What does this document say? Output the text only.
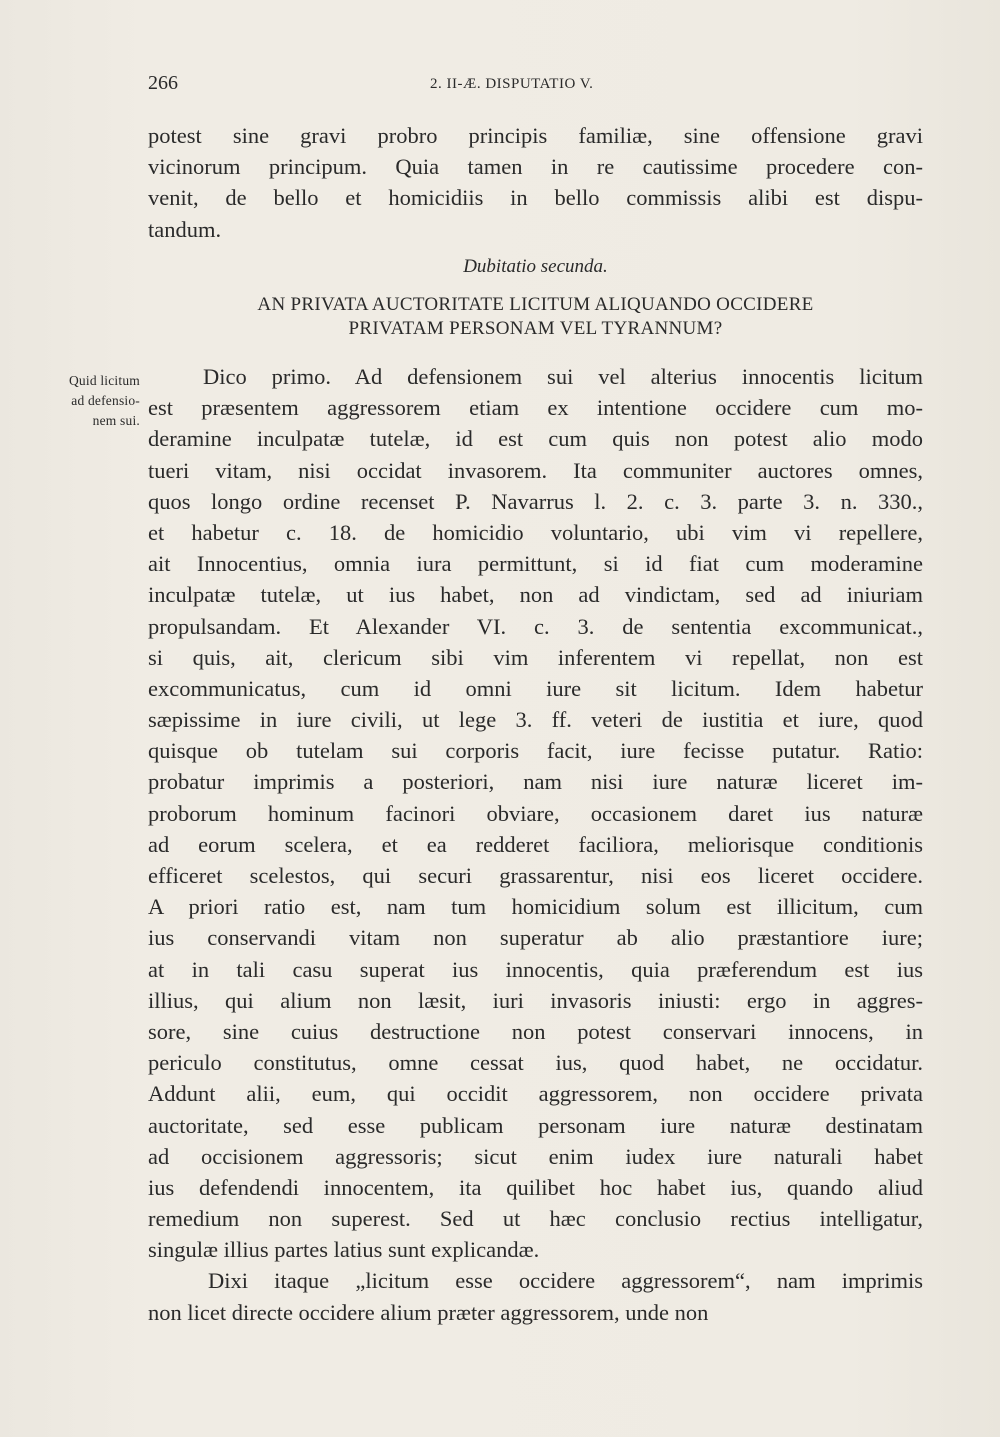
266	2. II-Æ. DISPUTATIO V.
potest sine gravi probro principis familiæ, sine offensione gravi
vicinorum principum. Quia tamen in re cautissime procedere con-
venit, de bello et homicidiis in bello commissis alibi est dispu-
tandum.
Dubitatio secunda.
AN PRIVATA AUCTORITATE LICITUM ALIQUANDO OCCIDERE
PRIVATAM PERSONAM VEL TYRANNUM?
Quid licitum
ad defensio-
nem sui.
Dico primo. Ad defensionem sui vel alterius innocentis licitum
est præsentem aggressorem etiam ex intentione occidere cum mo-
deramine inculpatæ tutelæ, id est cum quis non potest alio modo
tueri vitam, nisi occidat invasorem. Ita communiter auctores omnes,
quos longo ordine recenset P. Navarrus l. 2. c. 3. parte 3. n. 330.,
et habetur c. 18. de homicidio voluntario, ubi vim vi repellere,
ait Innocentius, omnia iura permittunt, si id fiat cum moderamine
inculpatæ tutelæ, ut ius habet, non ad vindictam, sed ad iniuriam
propulsandam. Et Alexander VI. c. 3. de sententia excommunicat.,
si quis, ait, clericum sibi vim inferentem vi repellat, non est
excommunicatus, cum id omni iure sit licitum. Idem habetur
sæpissime in iure civili, ut lege 3. ff. veteri de iustitia et iure, quod
quisque ob tutelam sui corporis facit, iure fecisse putatur. Ratio:
probatur imprimis a posteriori, nam nisi iure naturæ liceret im-
proborum hominum facinori obviare, occasionem daret ius naturæ
ad eorum scelera, et ea redderet faciliora, meliorisque conditionis
efficeret scelestos, qui securi grassarentur, nisi eos liceret occidere.
A priori ratio est, nam tum homicidium solum est illicitum, cum
ius conservandi vitam non superatur ab alio præstantiore iure;
at in tali casu superat ius innocentis, quia præferendum est ius
illius, qui alium non læsit, iuri invasoris iniusti: ergo in aggres-
sore, sine cuius destructione non potest conservari innocens, in
periculo constitutus, omne cessat ius, quod habet, ne occidatur.
Addunt alii, eum, qui occidit aggressorem, non occidere privata
auctoritate, sed esse publicam personam iure naturæ destinatam
ad occisionem aggressoris; sicut enim iudex iure naturali habet
ius defendendi innocentem, ita quilibet hoc habet ius, quando aliud
remedium non superest. Sed ut hæc conclusio rectius intelligatur,
singulæ illius partes latius sunt explicandæ.
Dixi itaque „licitum esse occidere aggressorem“, nam imprimis
non licet directe occidere alium præter aggressorem, unde non
